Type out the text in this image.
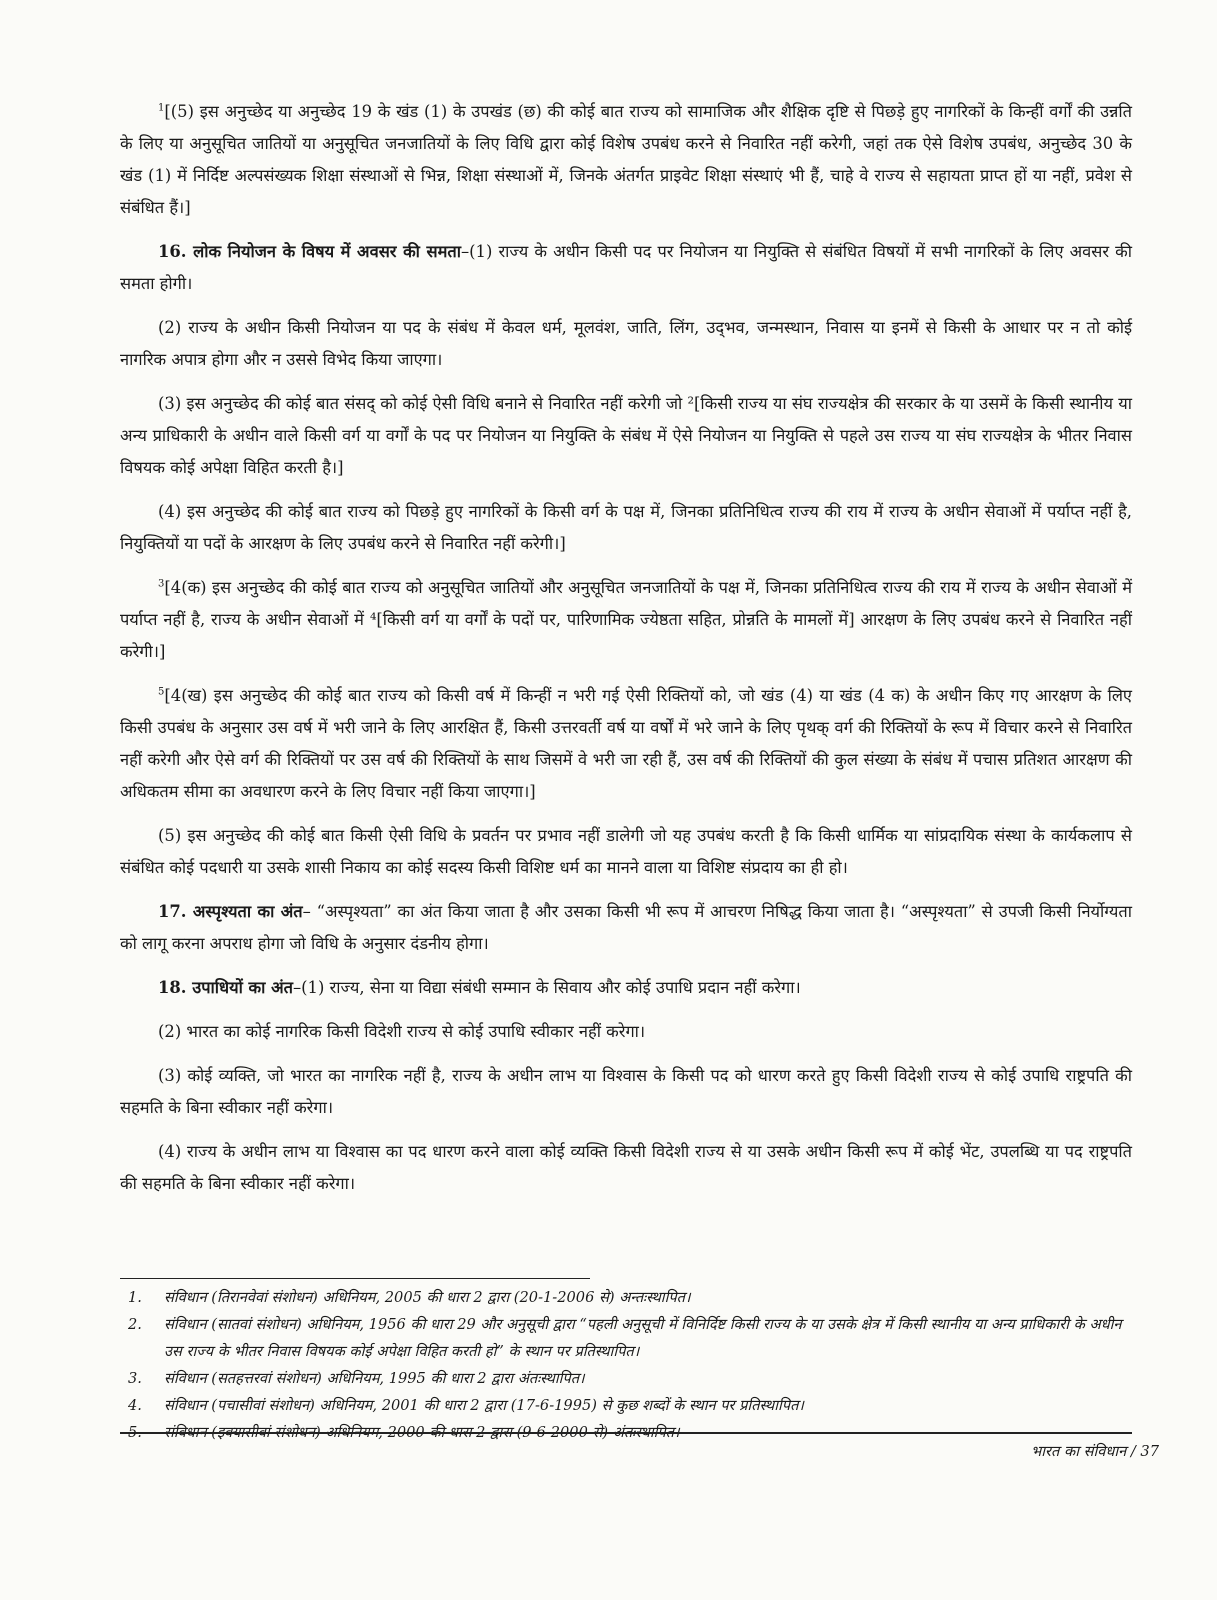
$^1$[(5) इस अनुच्छेद या अनुच्छेद 19 के खंड (1) के उपखंड (छ) की कोई बात राज्य को सामाजिक और शैक्षिक दृष्टि से पिछड़े हुए नागरिकों के किन्हीं वर्गों की उन्नति के लिए या अनुसूचित जातियों या अनुसूचित जनजातियों के लिए विधि द्वारा कोई विशेष उपबंध करने से निवारित नहीं करेगी, जहां तक ऐसे विशेष उपबंध, अनुच्छेद 30 के खंड (1) में निर्दिष्ट अल्पसंख्यक शिक्षा संस्थाओं से भिन्न, शिक्षा संस्थाओं में, जिनके अंतर्गत प्राइवेट शिक्षा संस्थाएं भी हैं, चाहे वे राज्य से सहायता प्राप्त हों या नहीं, प्रवेश से संबंधित हैं।]

16. लोक नियोजन के विषय में अवसर की समता–(1) राज्य के अधीन किसी पद पर नियोजन या नियुक्ति से संबंधित विषयों में सभी नागरिकों के लिए अवसर की समता होगी।

(2) राज्य के अधीन किसी नियोजन या पद के संबंध में केवल धर्म, मूलवंश, जाति, लिंग, उद्‌भव, जन्मस्थान, निवास या इनमें से किसी के आधार पर न तो कोई नागरिक अपात्र होगा और न उससे विभेद किया जाएगा।

(3) इस अनुच्छेद की कोई बात संसद् को कोई ऐसी विधि बनाने से निवारित नहीं करेगी जो ²[किसी राज्य या संघ राज्यक्षेत्र की सरकार के या उसमें के किसी स्थानीय या अन्य प्राधिकारी के अधीन वाले किसी वर्ग या वर्गों के पद पर नियोजन या नियुक्ति के संबंध में ऐसे नियोजन या नियुक्ति से पहले उस राज्य या संघ राज्यक्षेत्र के भीतर निवास विषयक कोई अपेक्षा विहित करती है।]

(4) इस अनुच्छेद की कोई बात राज्य को पिछड़े हुए नागरिकों के किसी वर्ग के पक्ष में, जिनका प्रतिनिधित्व राज्य की राय में राज्य के अधीन सेवाओं में पर्याप्त नहीं है, नियुक्तियों या पदों के आरक्षण के लिए उपबंध करने से निवारित नहीं करेगी।]

$^3$[4(क) इस अनुच्छेद की कोई बात राज्य को अनुसूचित जातियों और अनुसूचित जनजातियों के पक्ष में, जिनका प्रतिनिधित्व राज्य की राय में राज्य के अधीन सेवाओं में पर्याप्त नहीं है, राज्य के अधीन सेवाओं में ⁴[किसी वर्ग या वर्गों के पदों पर, पारिणामिक ज्येष्ठता सहित, प्रोन्नति के मामलों में] आरक्षण के लिए उपबंध करने से निवारित नहीं करेगी।]

$^5$[4(ख) इस अनुच्छेद की कोई बात राज्य को किसी वर्ष में किन्हीं न भरी गई ऐसी रिक्तियों को, जो खंड (4) या खंड (4 क) के अधीन किए गए आरक्षण के लिए किसी उपबंध के अनुसार उस वर्ष में भरी जाने के लिए आरक्षित हैं, किसी उत्तरवर्ती वर्ष या वर्षों में भरे जाने के लिए पृथक् वर्ग की रिक्तियों के रूप में विचार करने से निवारित नहीं करेगी और ऐसे वर्ग की रिक्तियों पर उस वर्ष की रिक्तियों के साथ जिसमें वे भरी जा रही हैं, उस वर्ष की रिक्तियों की कुल संख्या के संबंध में पचास प्रतिशत आरक्षण की अधिकतम सीमा का अवधारण करने के लिए विचार नहीं किया जाएगा।]

(5) इस अनुच्छेद की कोई बात किसी ऐसी विधि के प्रवर्तन पर प्रभाव नहीं डालेगी जो यह उपबंध करती है कि किसी धार्मिक या सांप्रदायिक संस्था के कार्यकलाप से संबंधित कोई पदधारी या उसके शासी निकाय का कोई सदस्य किसी विशिष्ट धर्म का मानने वाला या विशिष्ट संप्रदाय का ही हो।

17. अस्पृश्यता का अंत– “अस्पृश्यता” का अंत किया जाता है और उसका किसी भी रूप में आचरण निषिद्ध किया जाता है। “अस्पृश्यता” से उपजी किसी निर्योग्यता को लागू करना अपराध होगा जो विधि के अनुसार दंडनीय होगा।

18. उपाधियों का अंत–(1) राज्य, सेना या विद्या संबंधी सम्मान के सिवाय और कोई उपाधि प्रदान नहीं करेगा।

(2) भारत का कोई नागरिक किसी विदेशी राज्य से कोई उपाधि स्वीकार नहीं करेगा।

(3) कोई व्यक्ति, जो भारत का नागरिक नहीं है, राज्य के अधीन लाभ या विश्वास के किसी पद को धारण करते हुए किसी विदेशी राज्य से कोई उपाधि राष्ट्रपति की सहमति के बिना स्वीकार नहीं करेगा।

(4) राज्य के अधीन लाभ या विश्वास का पद धारण करने वाला कोई व्यक्ति किसी विदेशी राज्य से या उसके अधीन किसी रूप में कोई भेंट, उपलब्धि या पद राष्ट्रपति की सहमति के बिना स्वीकार नहीं करेगा।

1.	संविधान (तिरानवेवां संशोधन) अधिनियम, 2005 की धारा 2 द्वारा (20-1-2006 से) अन्तःस्थापित।
2.	संविधान (सातवां संशोधन) अधिनियम, 1956 की धारा 29 और अनुसूची द्वारा “पहली अनुसूची में विनिर्दिष्ट किसी राज्य के या उसके क्षेत्र में किसी स्थानीय या अन्य प्राधिकारी के अधीन उस राज्य के भीतर निवास विषयक कोई अपेक्षा विहित करती हो” के स्थान पर प्रतिस्थापित।
3.	संविधान (सतहत्तरवां संशोधन) अधिनियम, 1995 की धारा 2 द्वारा अंतःस्थापित।
4.	संविधान (पचासीवां संशोधन) अधिनियम, 2001 की धारा 2 द्वारा (17-6-1995) से कुछ शब्दों के स्थान पर प्रतिस्थापित।
5.	संविधान (इक्यासीवां संशोधन) अधिनियम, 2000 की धारा 2 द्वारा (9-6-2000 से) अंतःस्थापित।
भारत का संविधान / 37
